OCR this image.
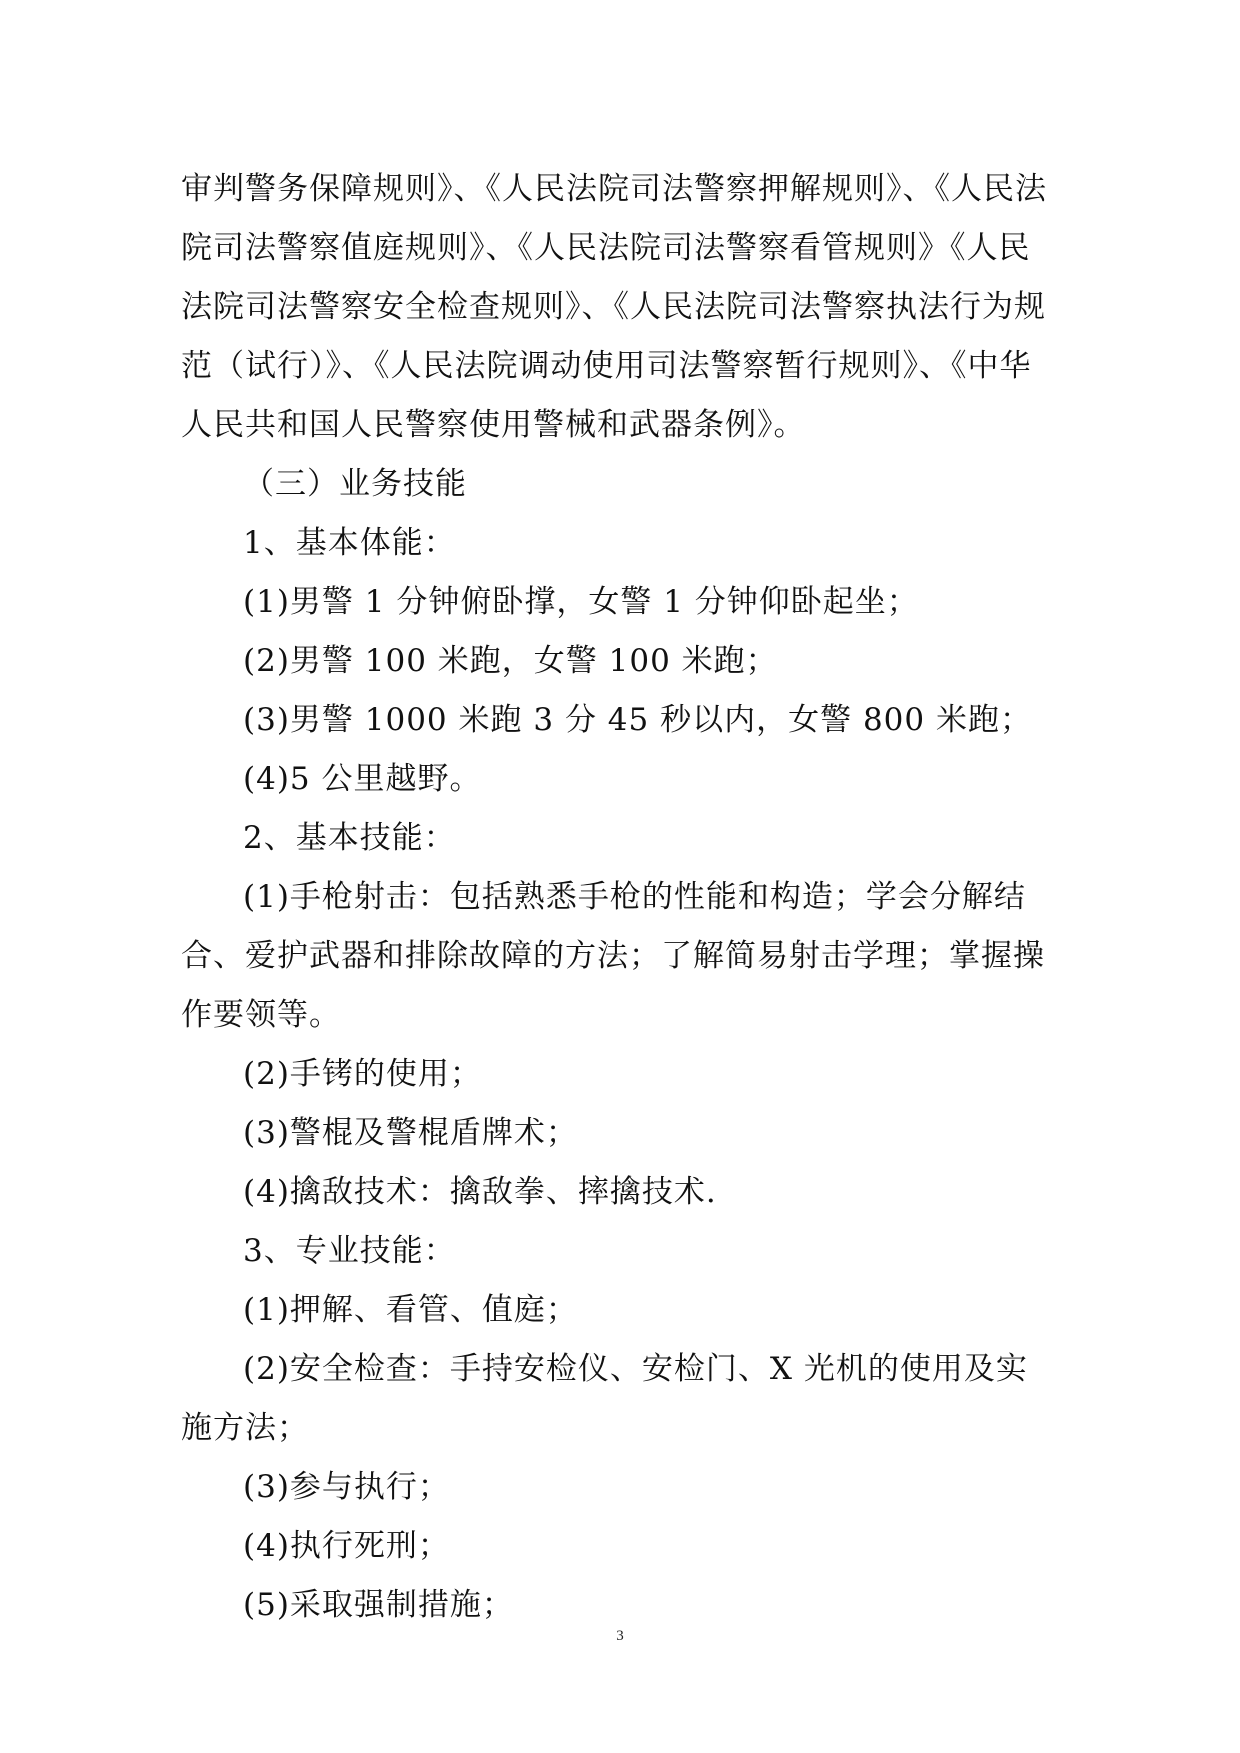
审判警务保障规则》、《人民法院司法警察押解规则》、《人民法
院司法警察值庭规则》、《人民法院司法警察看管规则》《人民
法院司法警察安全检查规则》、《人民法院司法警察执法行为规
范（试行）》、《人民法院调动使用司法警察暂行规则》、《中华
人民共和国人民警察使用警械和武器条例》。
（三）业务技能
1、基本体能：
(1)男警 1 分钟俯卧撑，女警 1 分钟仰卧起坐；
(2)男警 100 米跑，女警 100 米跑；
(3)男警 1000 米跑 3 分 45 秒以内，女警 800 米跑；
(4)5 公里越野。
2、基本技能：
(1)手枪射击：包括熟悉手枪的性能和构造；学会分解结
合、爱护武器和排除故障的方法；了解简易射击学理；掌握操
作要领等。
(2)手铐的使用；
(3)警棍及警棍盾牌术；
(4)擒敌技术：擒敌拳、摔擒技术.
3、专业技能：
(1)押解、看管、值庭；
(2)安全检查：手持安检仪、安检门、X 光机的使用及实
施方法；
(3)参与执行；
(4)执行死刑；
(5)采取强制措施；
3
